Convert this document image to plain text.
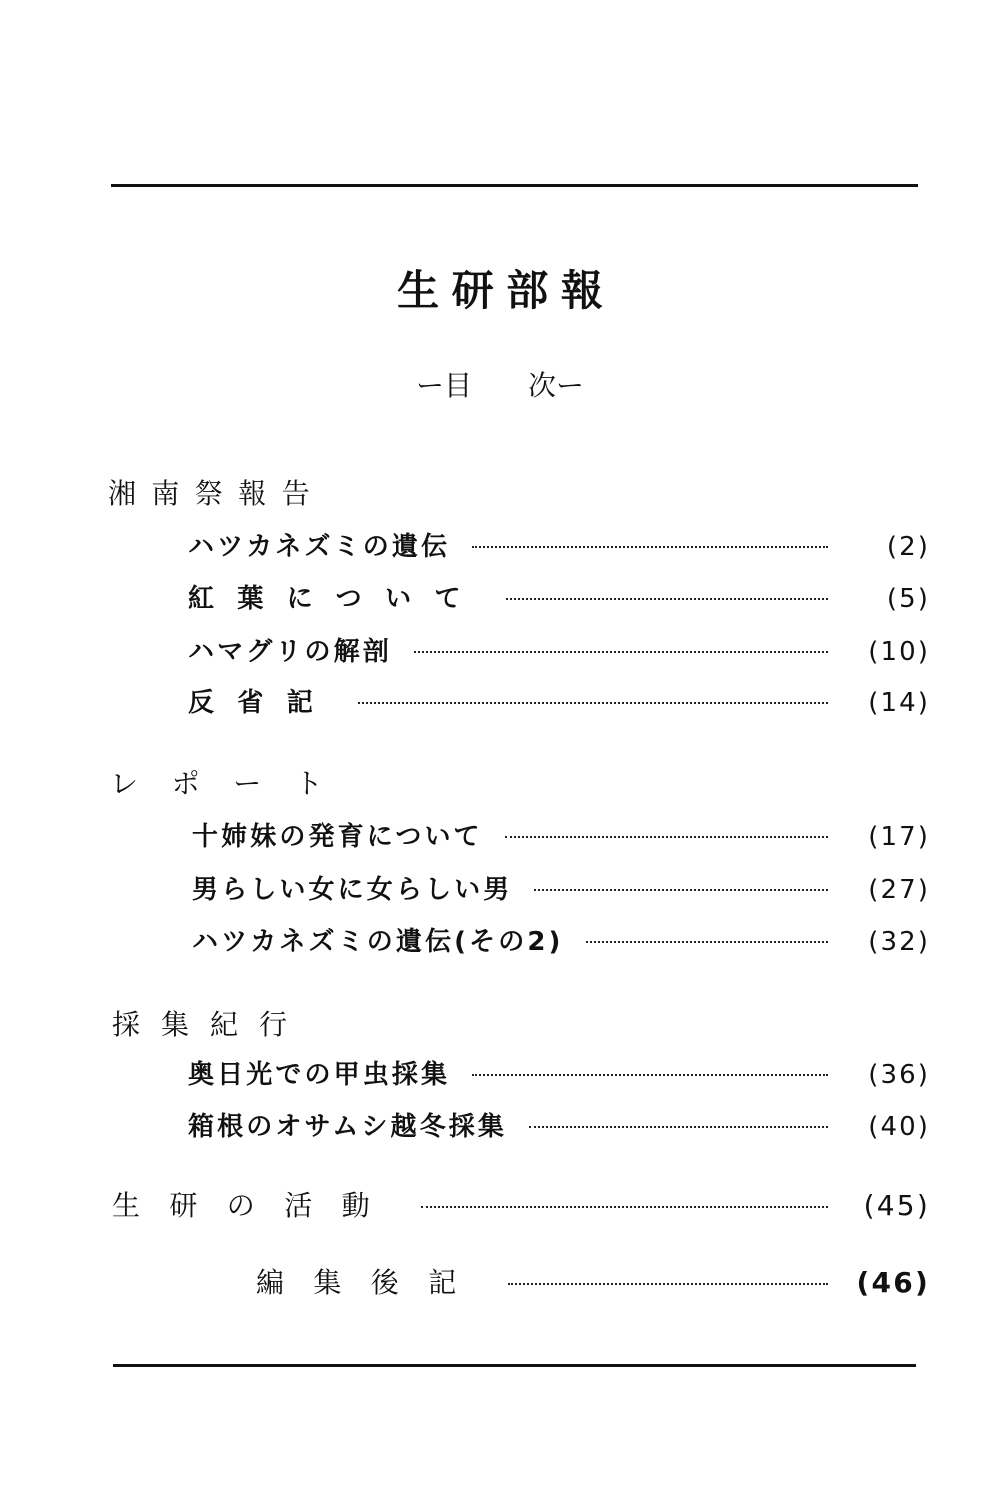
生研部報
ー目　　次ー
湘南祭報告
ハツカネズミの遺伝	(2)
紅葉について	(5)
ハマグリの解剖	(10)
反省記	(14)
レポート
十姉妹の発育について	(17)
男らしい女に女らしい男	(27)
ハツカネズミの遺伝(その2)	(32)
採集紀行
奥日光での甲虫採集	(36)
箱根のオサムシ越冬採集	(40)
生研の活動	(45)
編集後記	(46)
